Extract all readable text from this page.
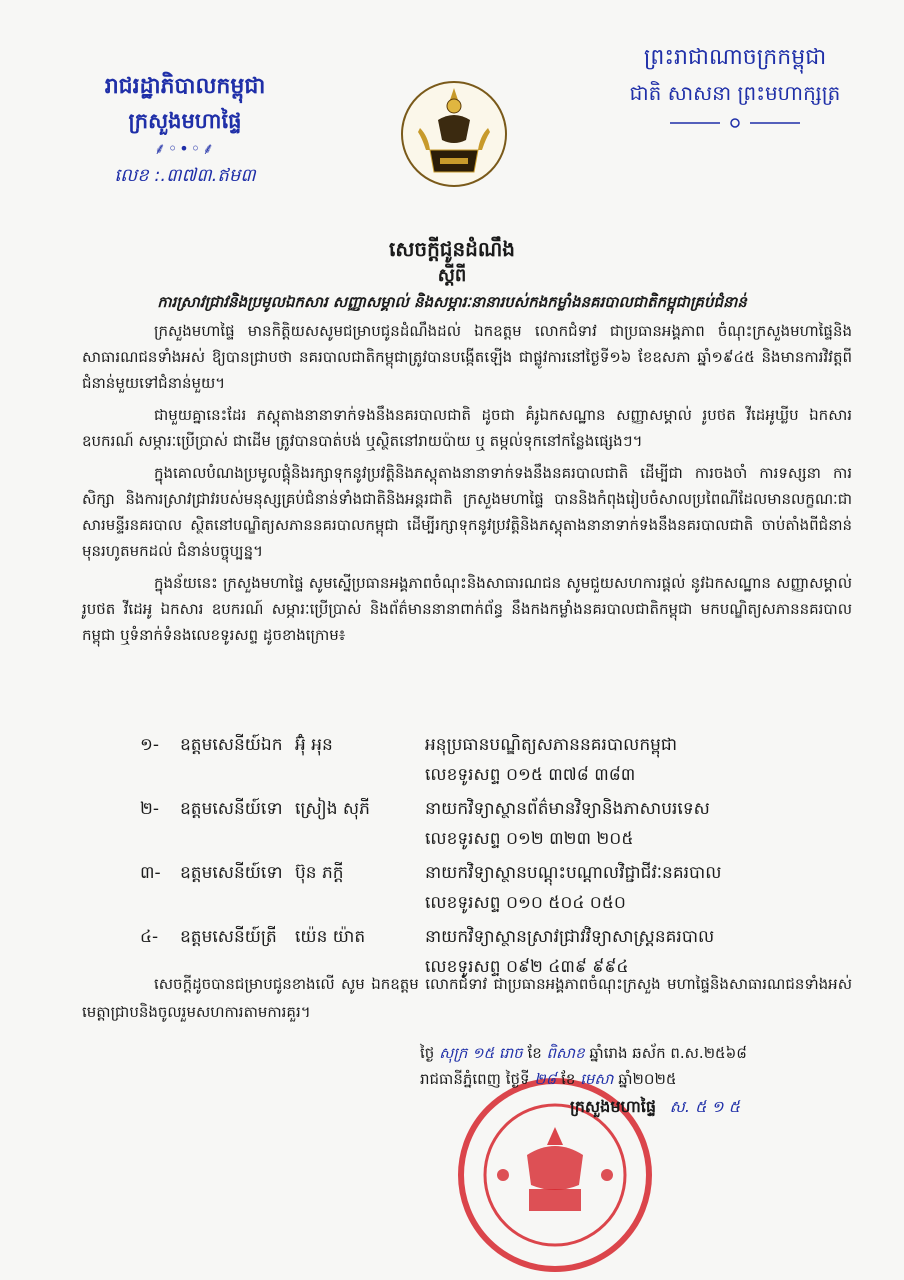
រាជរដ្ឋាភិបាលកម្ពុជា
ក្រសួងមហាផ្ទៃ
⸙◦•◦⸙
លេខ :.៣៧៣.ឥម៣
ព្រះរាជាណាចក្រកម្ពុជា
ជាតិ សាសនា ព្រះមហាក្សត្រ
សេចក្តីជូនដំណឹង
ស្តីពី
ការស្រាវជ្រាវនិងប្រមូលឯកសារ សញ្ញាសម្គាល់ និងសម្ភារៈនានារបស់កងកម្លាំងនគរបាលជាតិកម្ពុជាគ្រប់ជំនាន់

ក្រសួងមហាផ្ទៃ មានកិត្តិយសសូមជម្រាបជូនដំណឹងដល់ ឯកឧត្តម លោកជំទាវ ជាប្រធានអង្គភាព ចំណុះក្រសួងមហាផ្ទៃនិងសាធារណជនទាំងអស់ ឱ្យបានជ្រាបថា នគរបាលជាតិកម្ពុជាត្រូវបានបង្កើតឡើង ជាផ្លូវការនៅថ្ងៃទី១៦ ខែឧសភា ឆ្នាំ១៩៤៥ និងមានការវិវត្តពីជំនាន់មួយទៅជំនាន់មួយ។

ជាមួយគ្នានេះដែរ ភស្តុតាងនានាទាក់ទងនឹងនគរបាលជាតិ ដូចជា គំរូឯកសណ្ឋាន សញ្ញាសម្គាល់ រូបថត វីដេអូឃ្លីប ឯកសារ ឧបករណ៍ សម្ភារៈប្រើប្រាស់ ជាដើម ត្រូវបានបាត់បង់ ឬស្ថិតនៅរាយប៉ាយ ឬ តម្កល់ទុកនៅកន្លែងផ្សេងៗ។

ក្នុងគោលបំណងប្រមូលផ្តុំនិងរក្សាទុកនូវប្រវត្តិនិងភស្តុតាងនានាទាក់ទងនឹងនគរបាលជាតិ ដើម្បីជា ការចងចាំ ការទស្សនា ការសិក្សា និងការស្រាវជ្រាវរបស់មនុស្សគ្រប់ជំនាន់ទាំងជាតិនិងអន្តរជាតិ ក្រសួងមហាផ្ទៃ បាននិងកំពុងរៀបចំសាលប្រពៃណីដែលមានលក្ខណៈជាសារមន្ទីរនគរបាល ស្ថិតនៅបណ្ឌិត្យសភាននគរបាលកម្ពុជា ដើម្បីរក្សាទុកនូវប្រវត្តិនិងភស្តុតាងនានាទាក់ទងនឹងនគរបាលជាតិ ចាប់តាំងពីជំនាន់មុនរហូតមកដល់ ជំនាន់បច្ចុប្បន្ន។

ក្នុងន័យនេះ ក្រសួងមហាផ្ទៃ សូមស្នើប្រធានអង្គភាពចំណុះនិងសាធារណជន សូមជួយសហការផ្តល់ នូវឯកសណ្ឋាន សញ្ញាសម្គាល់ រូបថត វីដេអូ ឯកសារ ឧបករណ៍ សម្ភារៈប្រើប្រាស់ និងព័ត៌មាននានាពាក់ព័ន្ធ នឹងកងកម្លាំងនគរបាលជាតិកម្ពុជា មកបណ្ឌិត្យសភាននគរបាលកម្ពុជា ឬទំនាក់ទំនងលេខទូរសព្ទ ដូចខាងក្រោម៖

១-	ឧត្តមសេនីយ៍ឯក អ៊ុំ អុន	អនុប្រធានបណ្ឌិត្យសភាននគរបាលកម្ពុជា
លេខទូរសព្ទ ០១៥ ៣៧៨ ៣៨៣
២-	ឧត្តមសេនីយ៍ទោ ស្រៀង សុភី	នាយកវិទ្យាស្ថានព័ត៌មានវិទ្យានិងភាសាបរទេស
លេខទូរសព្ទ ០១២ ៣២៣ ២០៥
៣-	ឧត្តមសេនីយ៍ទោ ប៊ុន ភក្តី	នាយកវិទ្យាស្ថានបណ្តុះបណ្តាលវិជ្ជាជីវៈនគរបាល
លេខទូរសព្ទ ០១០ ៥០៤ ០៥០
៤-	ឧត្តមសេនីយ៍ត្រី	យ៉េន យ៉ាត	នាយកវិទ្យាស្ថានស្រាវជ្រាវវិទ្យាសាស្ត្រនគរបាល
លេខទូរសព្ទ ០៩២ ៤៣៩ ៩៩៤
សេចក្តីដូចបានជម្រាបជូនខាងលើ សូម ឯកឧត្តម លោកជំទាវ ជាប្រធានអង្គភាពចំណុះក្រសួង មហាផ្ទៃនិងសាធារណជនទាំងអស់ មេត្តាជ្រាបនិងចូលរួមសហការតាមការគួរ។
ថ្ងៃ សុក្រ ១៥ រោច ខែ ពិសាខ ឆ្នាំរោង ឆស័ក ព.ស.២៥៦៨
រាជធានីភ្នំពេញ ថ្ងៃទី ២៨ ខែ មេសា ឆ្នាំ២០២៥
ក្រសួងមហាផ្ទៃ ស. ៥ ១ ៥
